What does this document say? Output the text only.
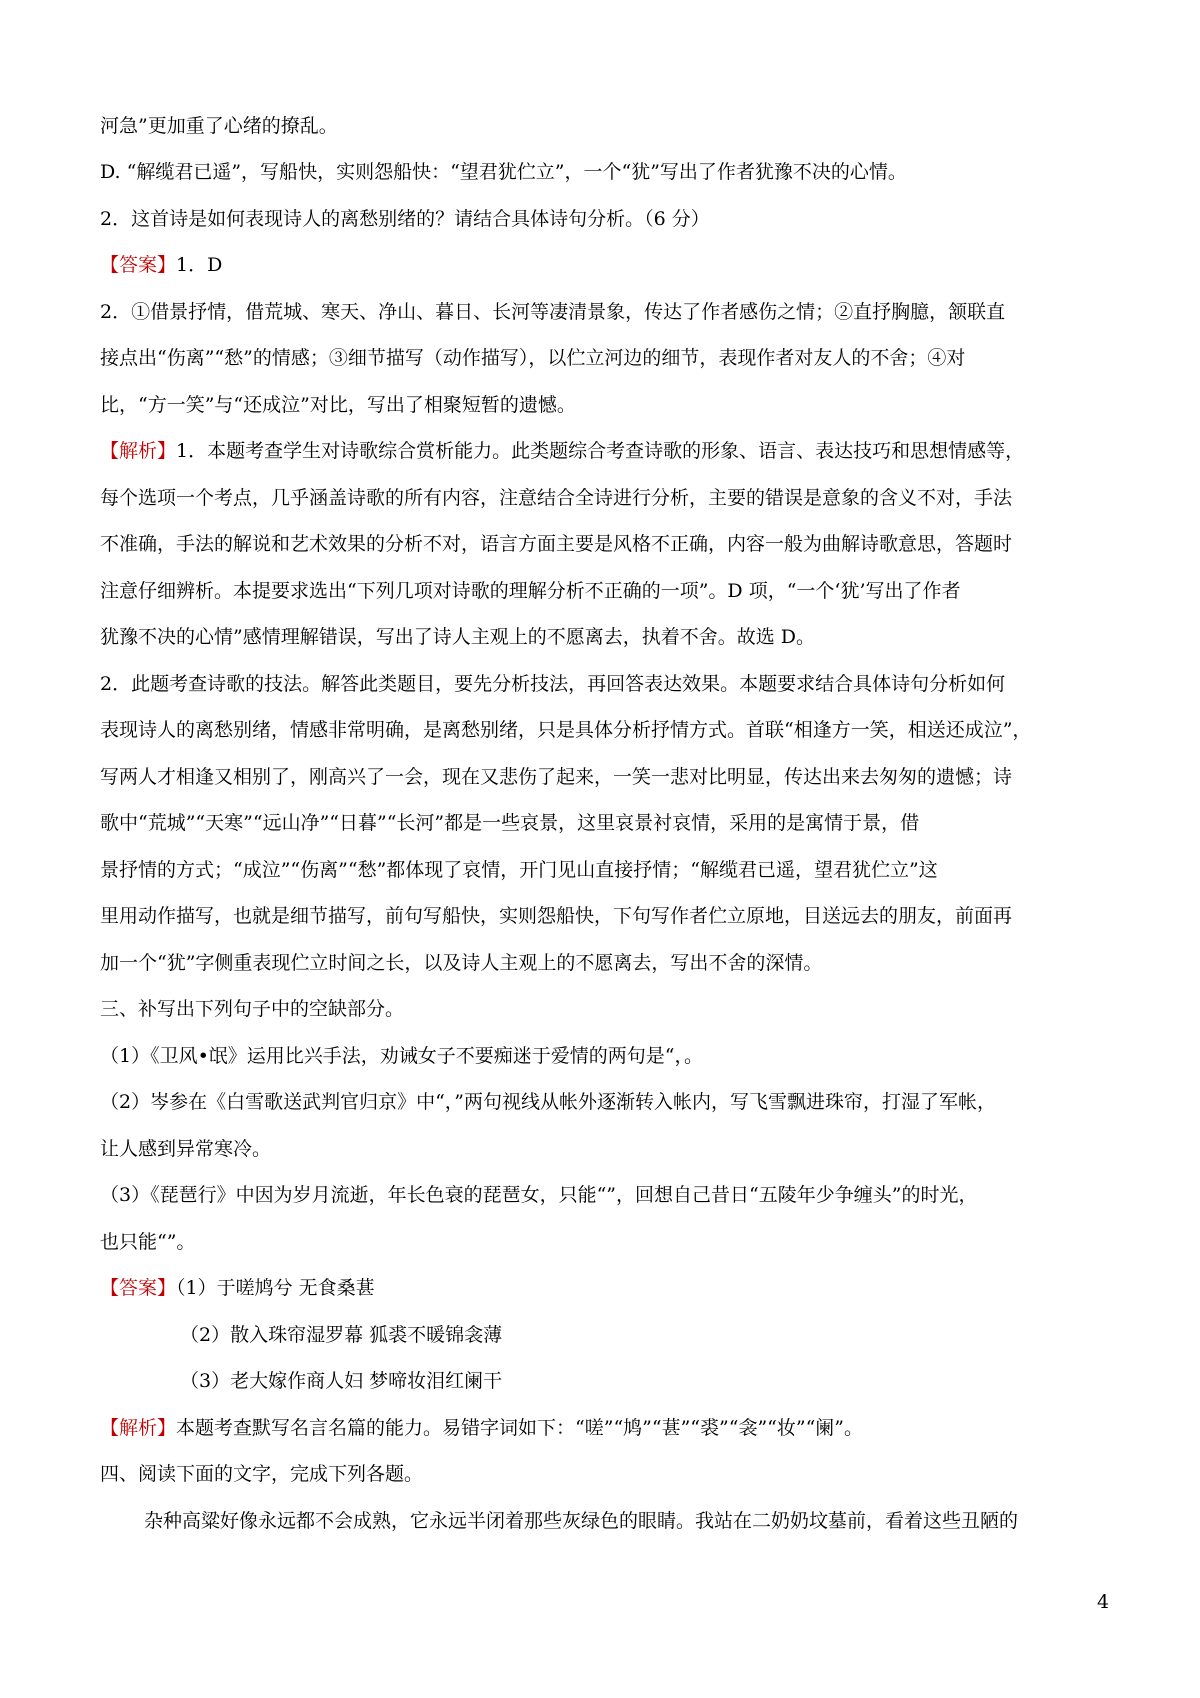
河急”更加重了心绪的撩乱。
D. “解缆君已遥”，写船快，实则怨船快：“望君犹伫立”，一个“犹”写出了作者犹豫不决的心情。
2．这首诗是如何表现诗人的离愁别绪的？请结合具体诗句分析。（6 分）
【答案】1．D
2．①借景抒情，借荒城、寒天、净山、暮日、长河等凄清景象，传达了作者感伤之情；②直抒胸臆，颔联直
接点出“伤离”“愁”的情感；③细节描写（动作描写），以伫立河边的细节，表现作者对友人的不舍；④对
比，“方一笑”与“还成泣”对比，写出了相聚短暂的遗憾。
【解析】1．本题考查学生对诗歌综合赏析能力。此类题综合考查诗歌的形象、语言、表达技巧和思想情感等，
每个选项一个考点，几乎涵盖诗歌的所有内容，注意结合全诗进行分析，主要的错误是意象的含义不对，手法
不准确，手法的解说和艺术效果的分析不对，语言方面主要是风格不正确，内容一般为曲解诗歌意思，答题时
注意仔细辨析。本提要求选出“下列几项对诗歌的理解分析不正确的一项”。D 项，“一个‘犹’写出了作者
犹豫不决的心情”感情理解错误，写出了诗人主观上的不愿离去，执着不舍。故选 D。
2．此题考查诗歌的技法。解答此类题目，要先分析技法，再回答表达效果。本题要求结合具体诗句分析如何
表现诗人的离愁别绪，情感非常明确，是离愁别绪，只是具体分析抒情方式。首联“相逢方一笑，相送还成泣”，
写两人才相逢又相别了，刚高兴了一会，现在又悲伤了起来，一笑一悲对比明显，传达出来去匆匆的遗憾；诗
歌中“荒城”“天寒”“远山净”“日暮”“长河”都是一些哀景，这里哀景衬哀情，采用的是寓情于景，借
景抒情的方式；“成泣”“伤离”“愁”都体现了哀情，开门见山直接抒情；“解缆君已遥，望君犹伫立”这
里用动作描写，也就是细节描写，前句写船快，实则怨船快，下句写作者伫立原地，目送远去的朋友，前面再
加一个“犹”字侧重表现伫立时间之长，以及诗人主观上的不愿离去，写出不舍的深情。
三、补写出下列句子中的空缺部分。
（1）《卫风•氓》运用比兴手法，劝诫女子不要痴迷于爱情的两句是“，。
（2）岑参在《白雪歌送武判官归京》中“，”两句视线从帐外逐渐转入帐内，写飞雪飘进珠帘，打湿了军帐，
让人感到异常寒冷。
（3）《琵琶行》中因为岁月流逝，年长色衰的琵琶女，只能“”，回想自己昔日“五陵年少争缠头”的时光，
也只能“”。
【答案】（1）于嗟鸠兮 无食桑葚
（2）散入珠帘湿罗幕 狐裘不暖锦衾薄
（3）老大嫁作商人妇 梦啼妆泪红阑干
【解析】本题考查默写名言名篇的能力。易错字词如下：“嗟”“鸠”“葚”“裘”“衾”“妆”“阑”。
四、阅读下面的文字，完成下列各题。
杂种高粱好像永远都不会成熟，它永远半闭着那些灰绿色的眼睛。我站在二奶奶坟墓前，看着这些丑陋的
4
